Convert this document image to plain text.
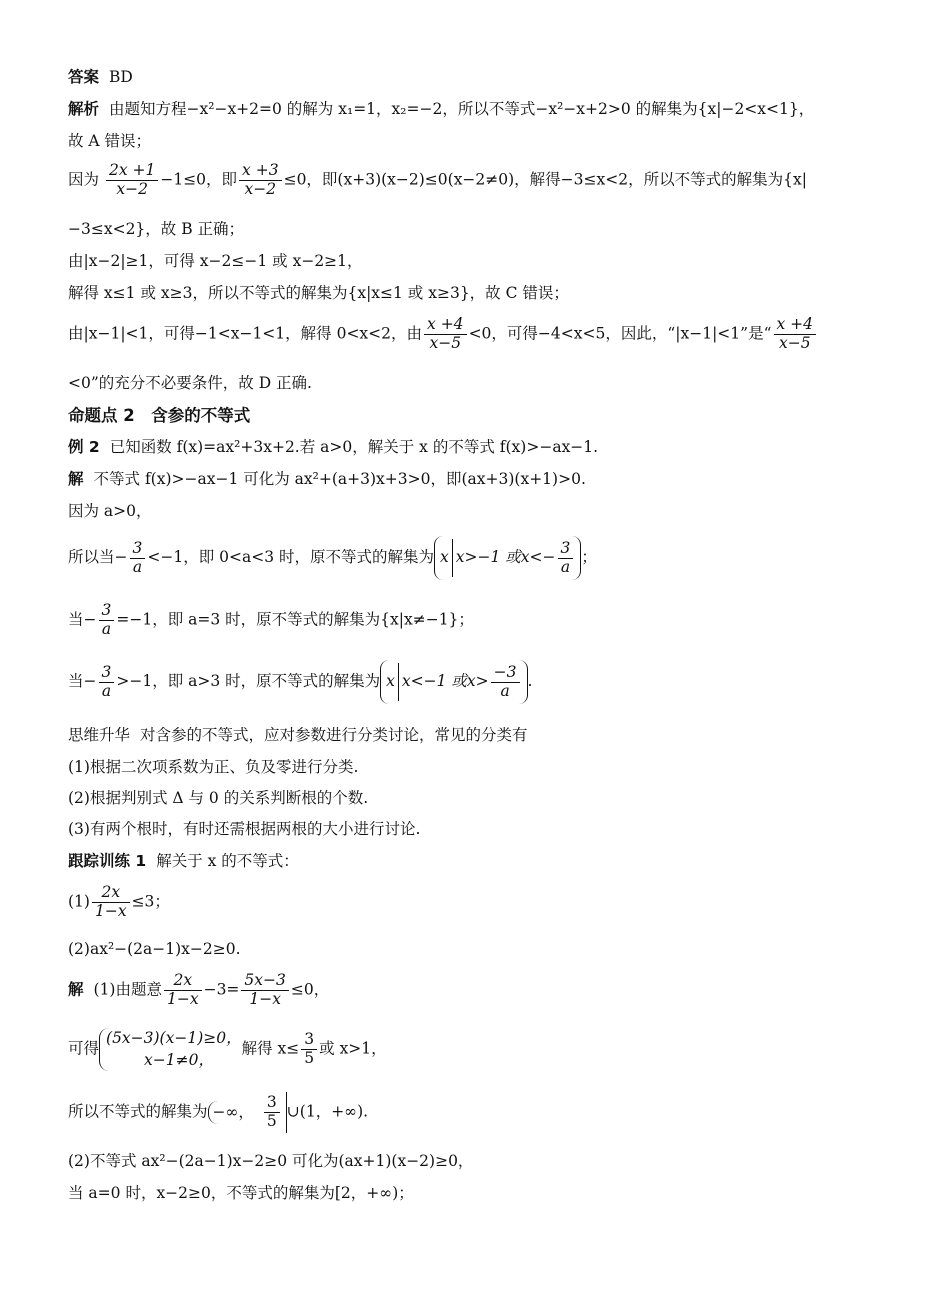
答案 BD
解析 由题知方程−x²−x+2=0 的解为 x₁=1，x₂=−2，所以不等式−x²−x+2>0 的解集为{x|−2<x<1}，
故 A 错误；
因为 $\frac{2x +1}{x-2} -1\le 0$，即 $\frac{x +3}{x-2} \le 0$，即(x+3)(x−2)≤0(x−2≠0)，解得−3≤x<2，所以不等式的解集为{x|
−3≤x<2}，故 B 正确；
由|x−2|≥1，可得 x−2≤−1 或 x−2≥1，
解得 x≤1 或 x≥3，所以不等式的解集为{x|x≤1 或 x≥3}，故 C 错误；
由|x−1|<1，可得−1<x−1<1，解得 0<x<2，由 $\frac{x +4}{x-5} <0$，可得−4<x<5，因此，“|x−1|<1”是“ $\frac{x +4}{x-5}$
<0”的充分不必要条件，故 D 正确.
命题点 2　含参的不等式
例 2 已知函数 f(x)=ax²+3x+2.若 a>0，解关于 x 的不等式 f(x)>−ax−1.
解 不等式 f(x)>−ax−1 可化为 ax²+(a+3)x+3>0，即(ax+3)(x+1)>0.
因为 a>0，
所以当− $\frac{3}{a} <-1$，即 0<a<3 时，原不等式的解集为 x x>−1 或$x<- \frac{3}{a}$ ；
当− $\frac{3}{a} =-1$，即 a=3 时，原不等式的解集为{x|x≠−1}；
当− $\frac{3}{a} >-1$，即 a>3 时，原不等式的解集为 x x<−1 或$x> \frac{-3}{a}$ .
思维升华 对含参的不等式，应对参数进行分类讨论，常见的分类有
(1)根据二次项系数为正、负及零进行分类.
(2)根据判别式 Δ 与 0 的关系判断根的个数.
(3)有两个根时，有时还需根据两根的大小进行讨论.
跟踪训练 1 解关于 x 的不等式：
$(1) \frac{2x}{1-x} \le 3$；
(2)ax²−(2a−1)x−2≥0.
解 (1)由题意 $\frac{2x}{1-x} -3= \frac{5x-3}{1-x} \le 0$，
可得
(5x−3)(x−1)≥0，
x−1≠0，
解得 $x\le \frac{3}{5}$ 或 x>1，
所以不等式的解集为 −∞， $\frac{3}{5}$ ∪(1，+∞).
(2)不等式 ax²−(2a−1)x−2≥0 可化为(ax+1)(x−2)≥0，
当 a=0 时，x−2≥0，不等式的解集为[2，+∞)；
